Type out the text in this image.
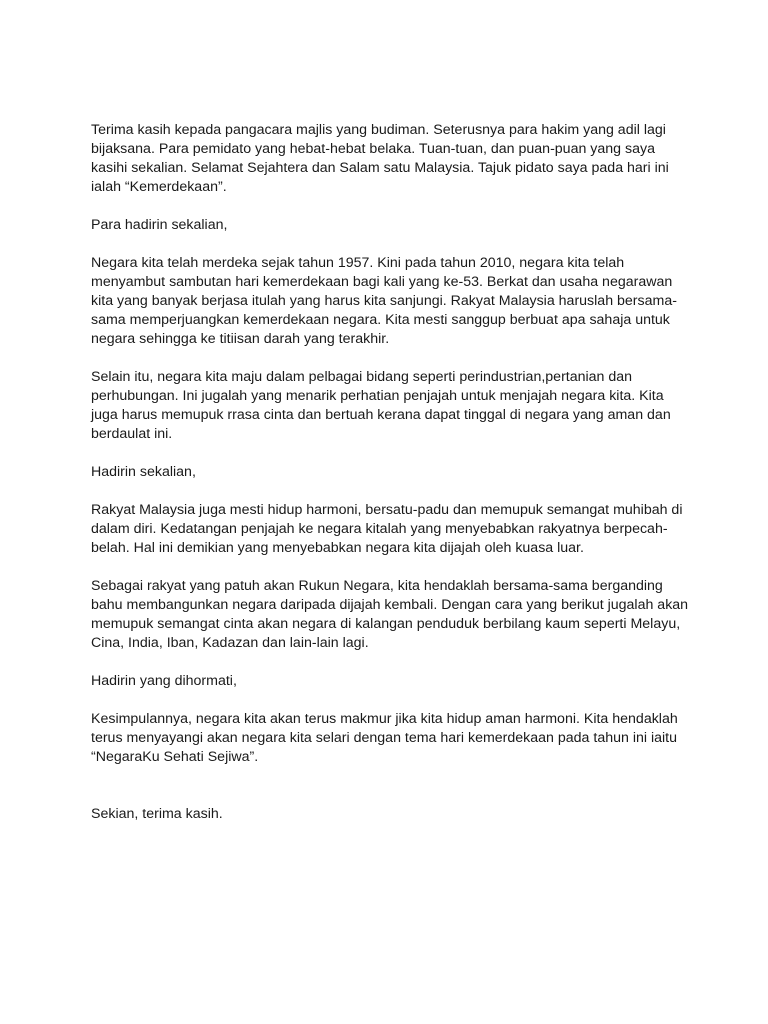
Terima kasih kepada pangacara majlis yang budiman. Seterusnya para hakim yang adil lagi bijaksana. Para pemidato yang hebat-hebat belaka. Tuan-tuan, dan puan-puan yang saya kasihi sekalian. Selamat Sejahtera dan Salam satu Malaysia. Tajuk pidato saya pada hari ini ialah “Kemerdekaan”.

Para hadirin sekalian,

Negara kita telah merdeka sejak tahun 1957. Kini pada tahun 2010, negara kita telah menyambut sambutan hari kemerdekaan bagi kali yang ke-53. Berkat dan usaha negarawan kita yang banyak berjasa itulah yang harus kita sanjungi. Rakyat Malaysia haruslah bersama-sama memperjuangkan kemerdekaan negara. Kita mesti sanggup berbuat apa sahaja untuk negara sehingga ke titiisan darah yang terakhir.

Selain itu, negara kita maju dalam pelbagai bidang seperti perindustrian,pertanian dan perhubungan. Ini jugalah yang menarik perhatian penjajah untuk menjajah negara kita. Kita juga harus memupuk rrasa cinta dan bertuah kerana dapat tinggal di negara yang aman dan berdaulat ini.

Hadirin sekalian,

Rakyat Malaysia juga mesti hidup harmoni, bersatu-padu dan memupuk semangat muhibah di dalam diri. Kedatangan penjajah ke negara kitalah yang menyebabkan rakyatnya berpecah-belah. Hal ini demikian yang menyebabkan negara kita dijajah oleh kuasa luar.

Sebagai rakyat yang patuh akan Rukun Negara, kita hendaklah bersama-sama berganding bahu membangunkan negara daripada dijajah kembali. Dengan cara yang berikut jugalah akan memupuk semangat cinta akan negara di kalangan penduduk berbilang kaum seperti Melayu, Cina, India, Iban, Kadazan dan lain-lain lagi.

Hadirin yang dihormati,

Kesimpulannya, negara kita akan terus makmur jika kita hidup aman harmoni. Kita hendaklah terus menyayangi akan negara kita selari dengan tema hari kemerdekaan pada tahun ini iaitu “NegaraKu Sehati Sejiwa”.

Sekian, terima kasih.
